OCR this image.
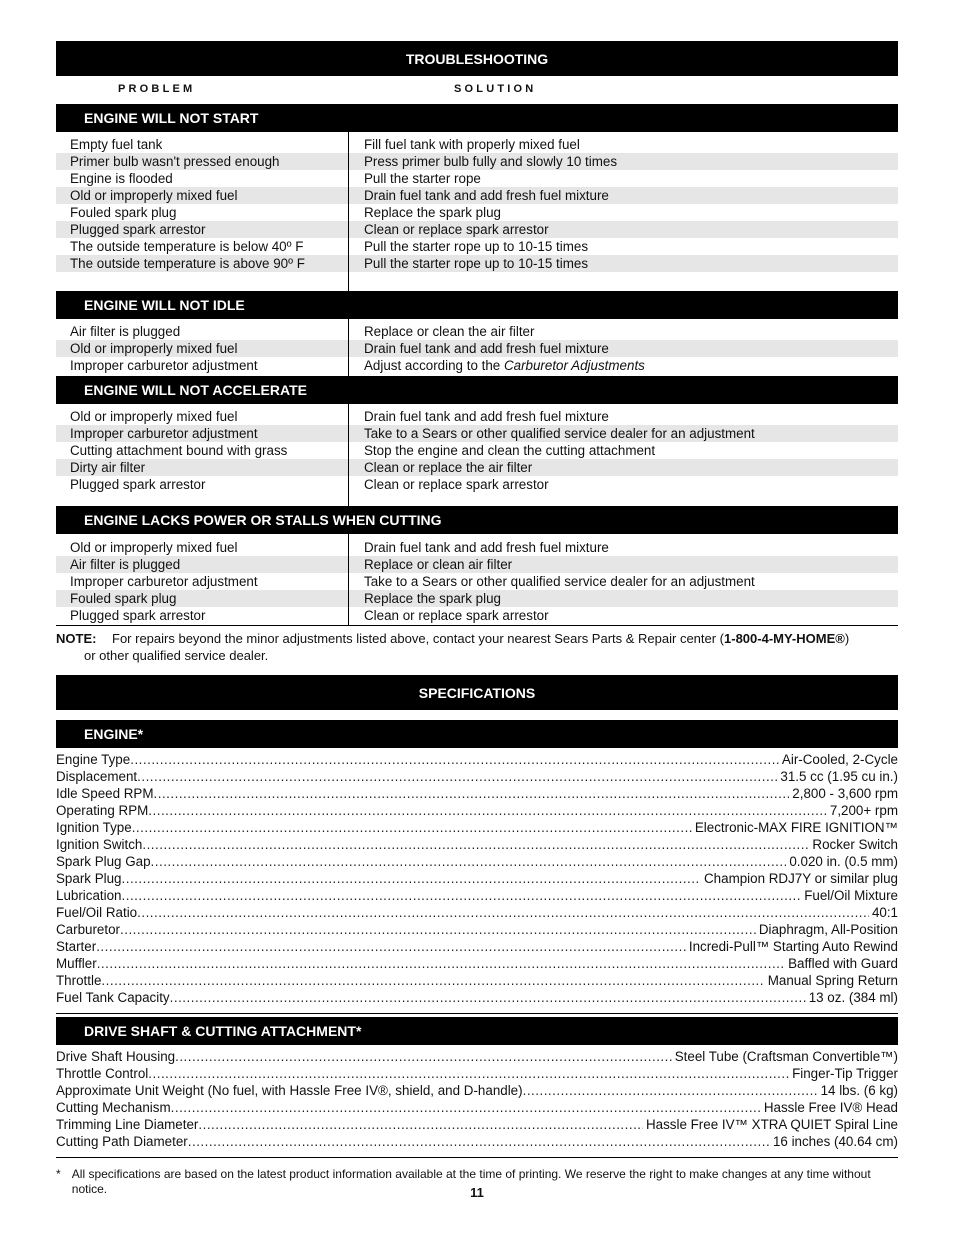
TROUBLESHOOTING
PROBLEM	SOLUTION
ENGINE WILL NOT START
Empty fuel tank	Fill fuel tank with properly mixed fuel
Primer bulb wasn't pressed enough	Press primer bulb fully and slowly 10 times
Engine is flooded	Pull the starter rope
Old or improperly mixed fuel	Drain fuel tank and add fresh fuel mixture
Fouled spark plug	Replace the spark plug
Plugged spark arrestor	Clean or replace spark arrestor
The outside temperature is below 40º F	Pull the starter rope up to 10-15 times
The outside temperature is above 90º F	Pull the starter rope up to 10-15 times
ENGINE WILL NOT IDLE
Air filter is plugged	Replace or clean the air filter
Old or improperly mixed fuel	Drain fuel tank and add fresh fuel mixture
Improper carburetor adjustment	Adjust according to the Carburetor Adjustments
ENGINE WILL NOT ACCELERATE
Old or improperly mixed fuel	Drain fuel tank and add fresh fuel mixture
Improper carburetor adjustment	Take to a Sears or other qualified service dealer for an adjustment
Cutting attachment bound with grass	Stop the engine and clean the cutting attachment
Dirty air filter	Clean or replace the air filter
Plugged spark arrestor	Clean or replace spark arrestor
ENGINE LACKS POWER OR STALLS WHEN CUTTING
Old or improperly mixed fuel	Drain fuel tank and add fresh fuel mixture
Air filter is plugged	Replace or clean air filter
Improper carburetor adjustment	Take to a Sears or other qualified service dealer for an adjustment
Fouled spark plug	Replace the spark plug
Plugged spark arrestor	Clean or replace spark arrestor
NOTE:	For repairs beyond the minor adjustments listed above, contact your nearest Sears Parts & Repair center (1-800-4-MY-HOME®)
or other qualified service dealer.
SPECIFICATIONS
ENGINE*
Engine Type .....	Air-Cooled, 2-Cycle
Displacement .....	31.5 cc (1.95 cu in.)
Idle Speed RPM .....	2,800 - 3,600 rpm
Operating RPM .....	7,200+ rpm
Ignition Type .....	Electronic-MAX FIRE IGNITION™
Ignition Switch .....	Rocker Switch
Spark Plug Gap .....	0.020 in. (0.5 mm)
Spark Plug .....	Champion RDJ7Y or similar plug
Lubrication .....	Fuel/Oil Mixture
Fuel/Oil Ratio .....	40:1
Carburetor .....	Diaphragm, All-Position
Starter .....	Incredi-Pull™ Starting Auto Rewind
Muffler .....	Baffled with Guard
Throttle .....	Manual Spring Return
Fuel Tank Capacity .....	13 oz. (384 ml)
DRIVE SHAFT & CUTTING ATTACHMENT*
Drive Shaft Housing .....	Steel Tube (Craftsman Convertible™)
Throttle Control .....	Finger-Tip Trigger
Approximate Unit Weight (No fuel, with Hassle Free IV®, shield, and D-handle) .....	14 lbs. (6 kg)
Cutting Mechanism .....	Hassle Free IV® Head
Trimming Line Diameter .....	Hassle Free IV™ XTRA QUIET Spiral Line
Cutting Path Diameter .....	16 inches (40.64 cm)
* All specifications are based on the latest product information available at the time of printing. We reserve the right to make changes at any time without notice.	11
